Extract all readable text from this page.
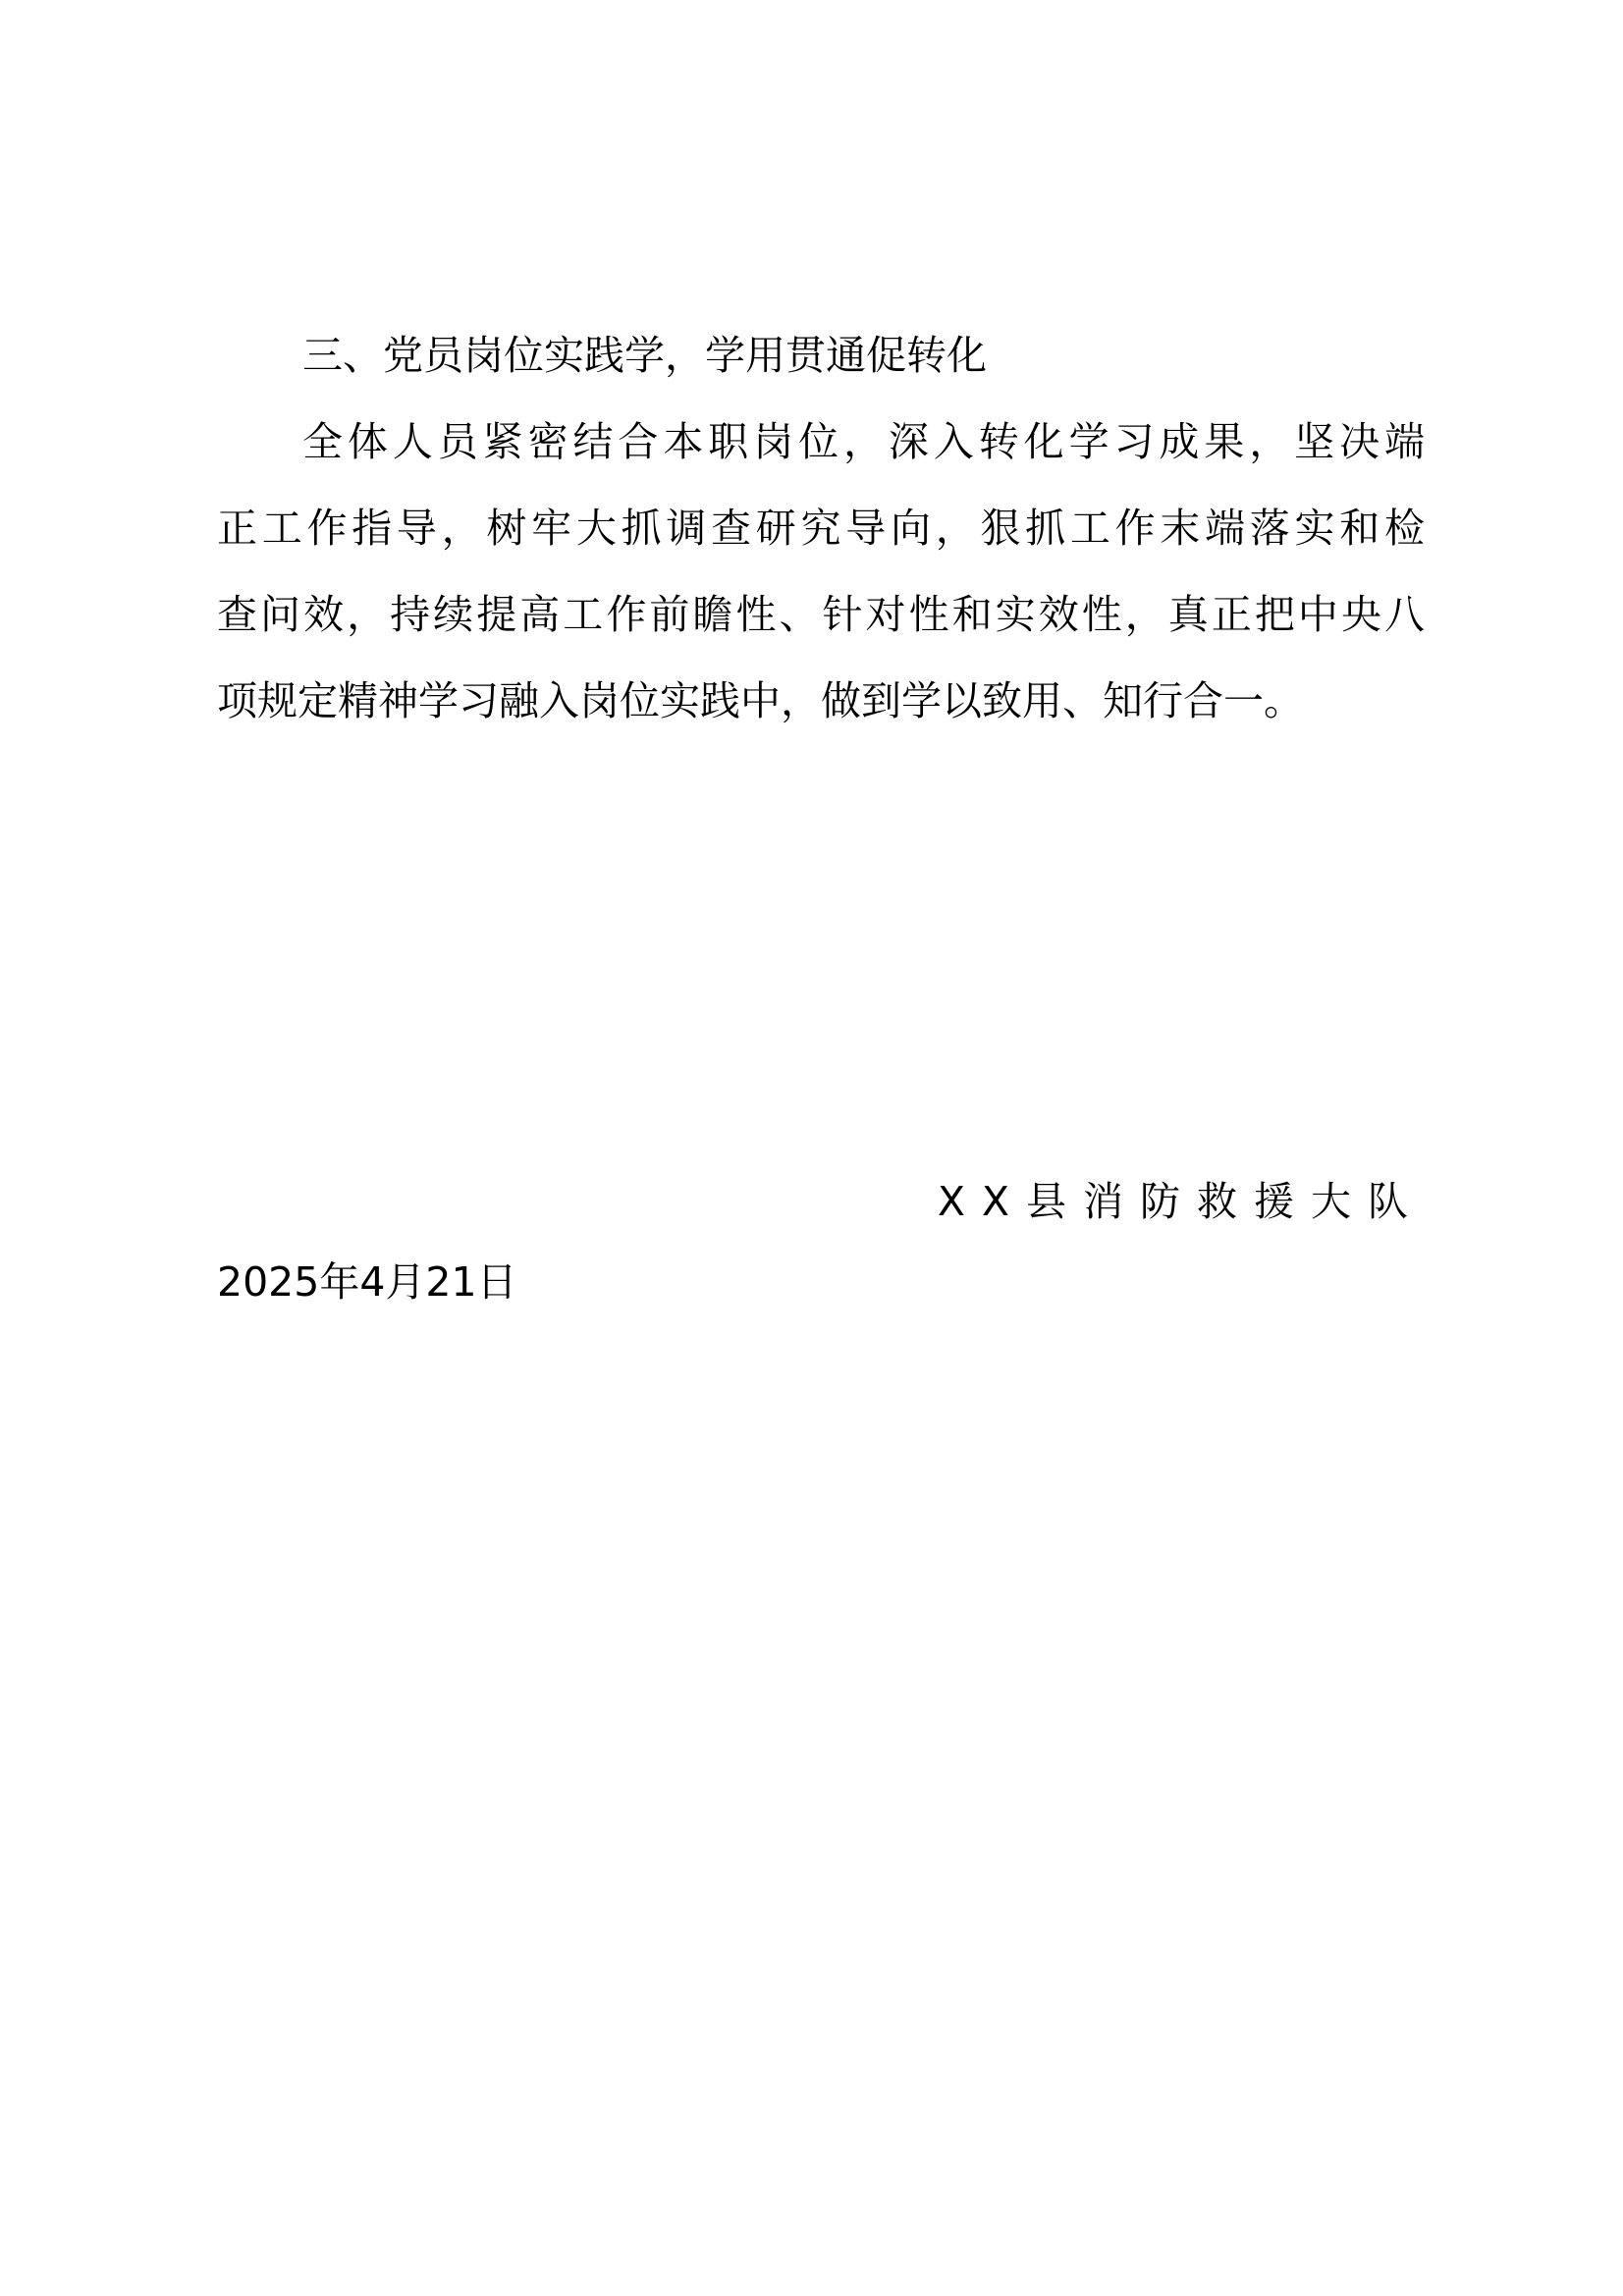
三、党员岗位实践学，学用贯通促转化

全体人员紧密结合本职岗位，深入转化学习成果，坚决端

正工作指导，树牢大抓调查研究导向，狠抓工作末端落实和检

查问效，持续提高工作前瞻性、针对性和实效性，真正把中央八

项规定精神学习融入岗位实践中，做到学以致用、知行合一。

XX县消防救援大队

2025年4月21日
